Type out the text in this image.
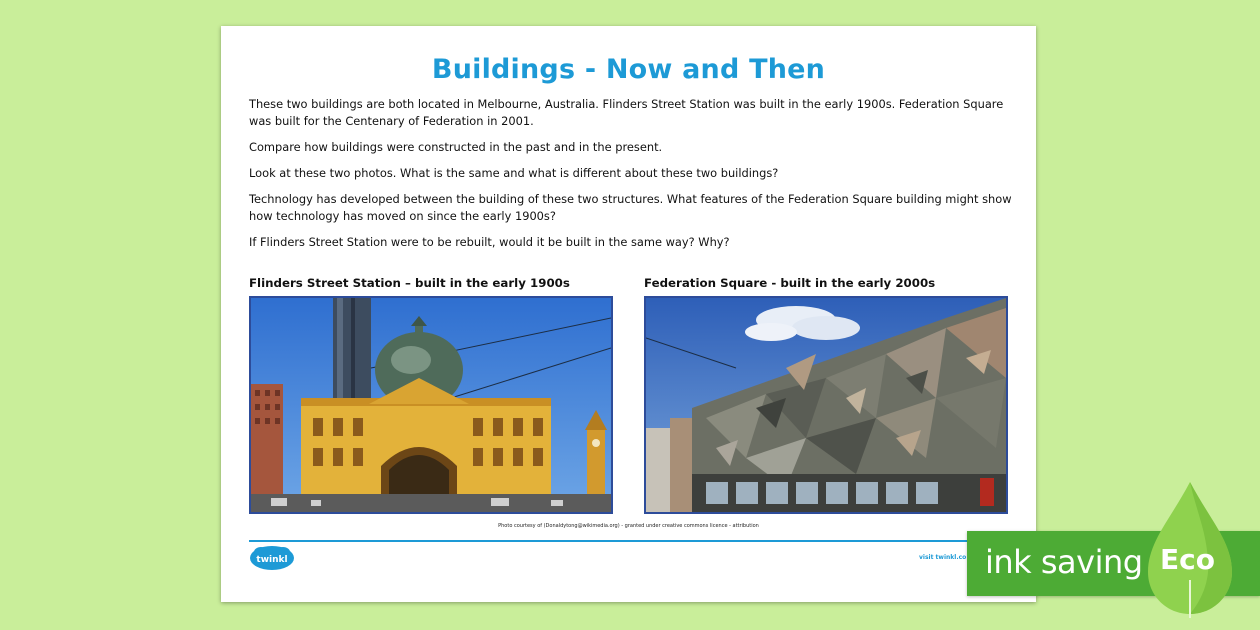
Buildings - Now and Then

These two buildings are both located in Melbourne, Australia. Flinders Street Station was built in the early 1900s. Federation Square was built for the Centenary of Federation in 2001.

Compare how buildings were constructed in the past and in the present.

Look at these two photos. What is the same and what is different about these two buildings?

Technology has developed between the building of these two structures. What features of the Federation Square building might show how technology has moved on since the early 1900s?

If Flinders Street Station were to be rebuilt, would it be built in the same way? Why?

Flinders Street Station – built in the early 1900s	Federation Square - built in the early 2000s
Photo courtesy of (Donaldytong@wikimedia.org) - granted under creative commons licence - attribution
twinkl	visit twinkl.co ink saving Eco
